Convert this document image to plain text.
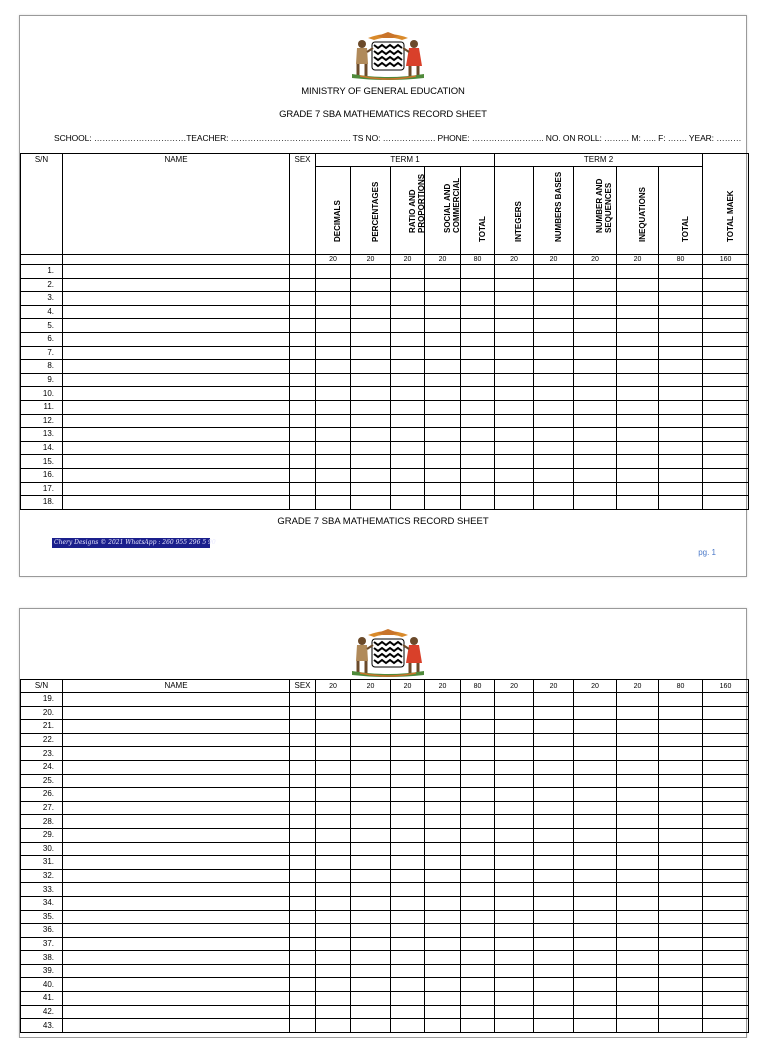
MINISTRY OF GENERAL EDUCATION
GRADE 7 SBA MATHEMATICS RECORD SHEET
SCHOOL: ……………………………TEACHER: ……………………………………. TS NO: ………………. PHONE: …………………….. NO. ON ROLL: ……… M: ….. F: ……. YEAR: ………
S/N	NAME	SEX	TERM 1					TERM 2					TOTAL MAEK

			DECIMALS	PERCENTAGES	RATIO AND PROPORTIONS	SOCIAL AND COMMERCIAL	TOTAL	INTEGERS	NUMBERS BASES	NUMBER AND SEQUENCES	INEQUATIONS	TOTAL	

			20	20	20	20	80	20	20	20	20	80	160
1.													
2.													
3.													
4.													
5.													
6.													
7.													
8.													
9.													
10.													
11.													
12.													
13.													
14.													
15.													
16.													
17.													
18.													
GRADE 7 SBA MATHEMATICS RECORD SHEET
Chery Designs © 2021 WhatsApp : 260 955 296 5 90
pg. 1
S/N	NAME	SEX	20	20	20	20	80	20	20	20	20	80	160
19.													
20.													
21.													
22.													
23.													
24.													
25.													
26.													
27.													
28.													
29.													
30.													
31.													
32.													
33.													
34.													
35.													
36.													
37.													
38.													
39.													
40.													
41.													
42.													
43.													
